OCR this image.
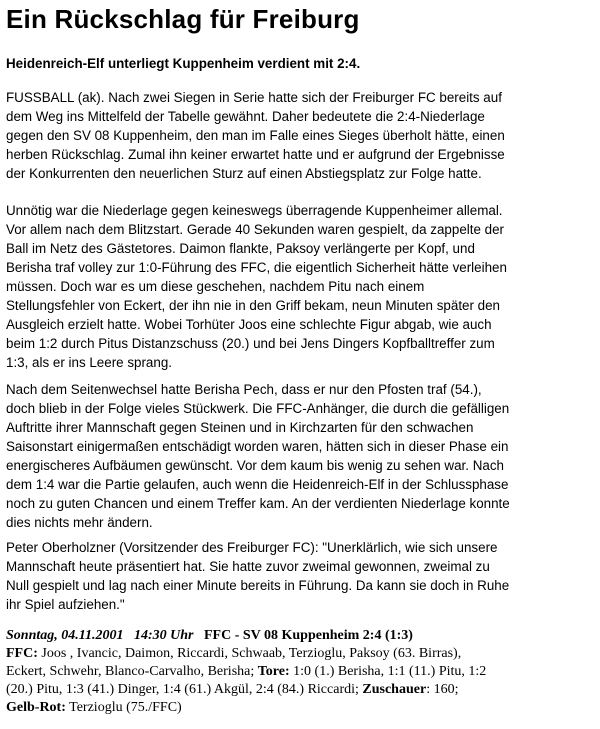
Ein Rückschlag für Freiburg
Heidenreich-Elf unterliegt Kuppenheim verdient mit 2:4.
FUSSBALL (ak). Nach zwei Siegen in Serie hatte sich der Freiburger FC bereits auf
dem Weg ins Mittelfeld der Tabelle gewähnt. Daher bedeutete die 2:4-Niederlage
gegen den SV 08 Kuppenheim, den man im Falle eines Sieges überholt hätte, einen
herben Rückschlag. Zumal ihn keiner erwartet hatte und er aufgrund der Ergebnisse
der Konkurrenten den neuerlichen Sturz auf einen Abstiegsplatz zur Folge hatte.
Unnötig war die Niederlage gegen keineswegs überragende Kuppenheimer allemal.
Vor allem nach dem Blitzstart. Gerade 40 Sekunden waren gespielt, da zappelte der
Ball im Netz des Gästetores. Daimon flankte, Paksoy verlängerte per Kopf, und
Berisha traf volley zur 1:0-Führung des FFC, die eigentlich Sicherheit hätte verleihen
müssen. Doch war es um diese geschehen, nachdem Pitu nach einem
Stellungsfehler von Eckert, der ihn nie in den Griff bekam, neun Minuten später den
Ausgleich erzielt hatte. Wobei Torhüter Joos eine schlechte Figur abgab, wie auch
beim 1:2 durch Pitus Distanzschuss (20.) und bei Jens Dingers Kopfballtreffer zum
1:3, als er ins Leere sprang.
Nach dem Seitenwechsel hatte Berisha Pech, dass er nur den Pfosten traf (54.),
doch blieb in der Folge vieles Stückwerk. Die FFC-Anhänger, die durch die gefälligen
Auftritte ihrer Mannschaft gegen Steinen und in Kirchzarten für den schwachen
Saisonstart einigermaßen entschädigt worden waren, hätten sich in dieser Phase ein
energischeres Aufbäumen gewünscht. Vor dem kaum bis wenig zu sehen war. Nach
dem 1:4 war die Partie gelaufen, auch wenn die Heidenreich-Elf in der Schlussphase
noch zu guten Chancen und einem Treffer kam. An der verdienten Niederlage konnte
dies nichts mehr ändern.
Peter Oberholzner (Vorsitzender des Freiburger FC): "Unerklärlich, wie sich unsere
Mannschaft heute präsentiert hat. Sie hatte zuvor zweimal gewonnen, zweimal zu
Null gespielt und lag nach einer Minute bereits in Führung. Da kann sie doch in Ruhe
ihr Spiel aufziehen."
Sonntag, 04.11.2001   14:30 Uhr FFC - SV 08 Kuppenheim 2:4 (1:3)
FFC: Joos , Ivancic, Daimon, Riccardi, Schwaab, Terzioglu, Paksoy (63. Birras),
Eckert, Schwehr, Blanco-Carvalho, Berisha; Tore: 1:0 (1.) Berisha, 1:1 (11.) Pitu, 1:2
(20.) Pitu, 1:3 (41.) Dinger, 1:4 (61.) Akgül, 2:4 (84.) Riccardi; Zuschauer: 160;
Gelb-Rot: Terzioglu (75./FFC)
